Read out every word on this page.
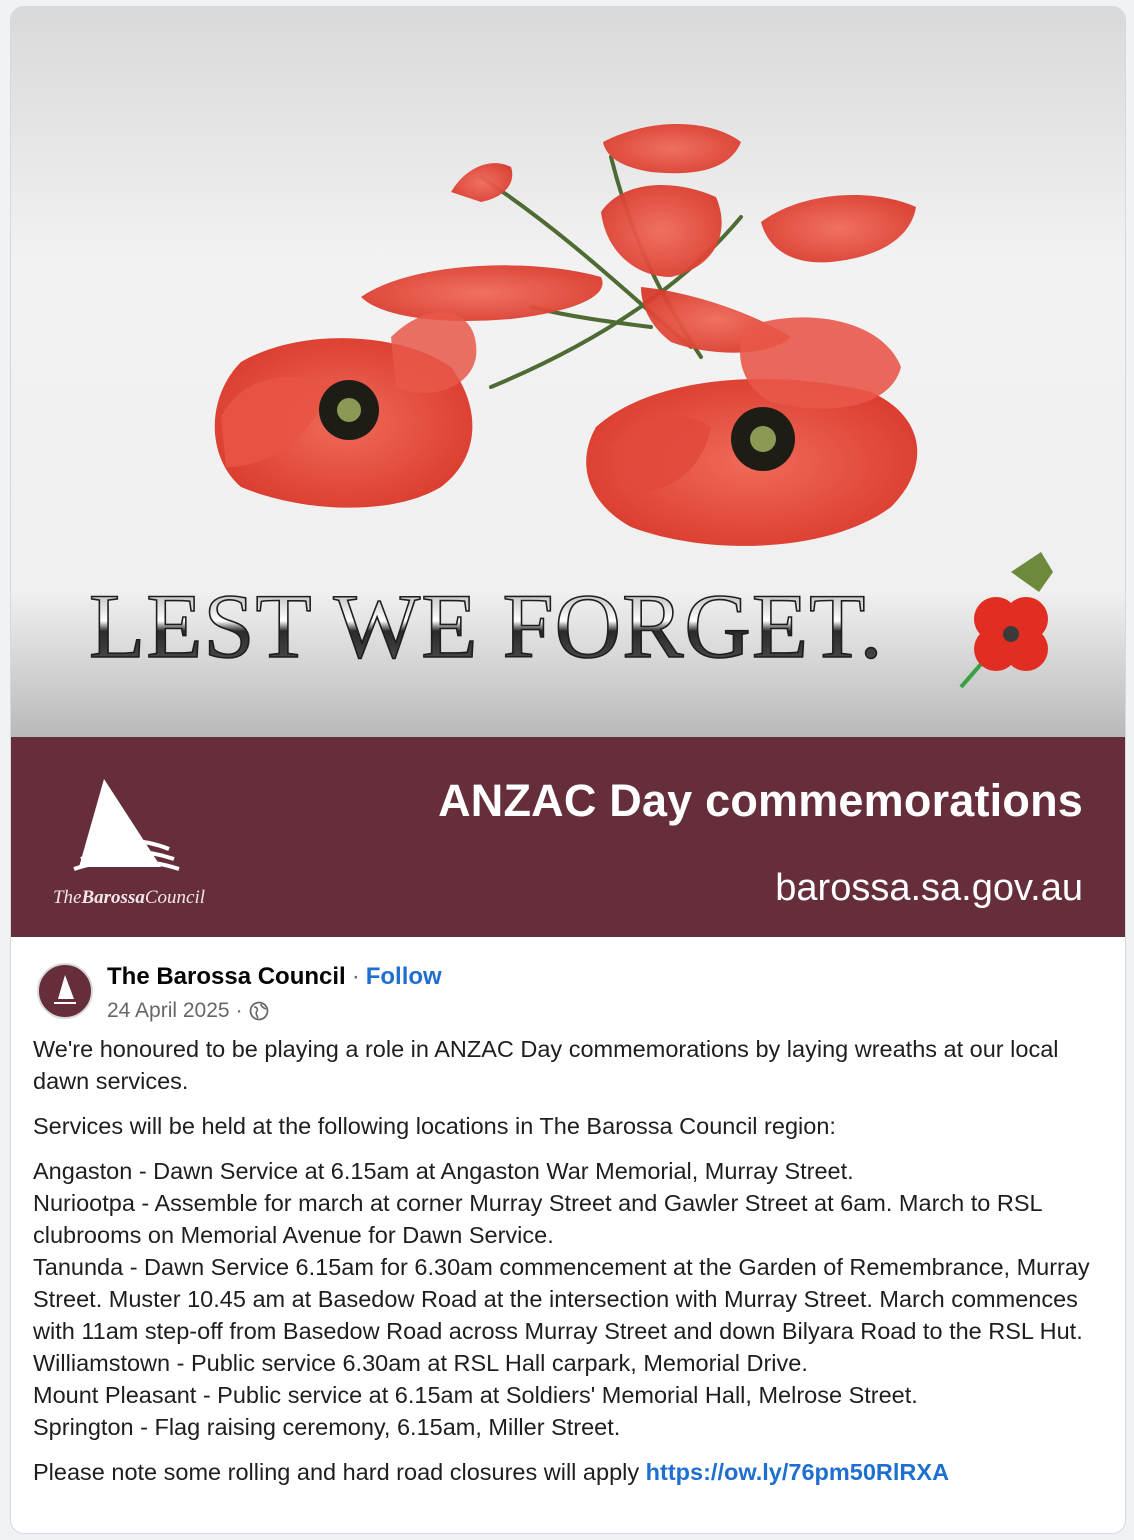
LEST WE FORGET.
TheBarossaCouncil
ANZAC Day commemorations
barossa.sa.gov.au
The Barossa Council · Follow
24 April 2025 ·

We're honoured to be playing a role in ANZAC Day commemorations by laying wreaths at our local dawn services.

Services will be held at the following locations in The Barossa Council region:

Angaston - Dawn Service at 6.15am at Angaston War Memorial, Murray Street.
Nuriootpa - Assemble for march at corner Murray Street and Gawler Street at 6am. March to RSL clubrooms on Memorial Avenue for Dawn Service.
Tanunda - Dawn Service 6.15am for 6.30am commencement at the Garden of Remembrance, Murray Street. Muster 10.45 am at Basedow Road at the intersection with Murray Street. March commences with 11am step-off from Basedow Road across Murray Street and down Bilyara Road to the RSL Hut.
Williamstown - Public service 6.30am at RSL Hall carpark, Memorial Drive.
Mount Pleasant - Public service at 6.15am at Soldiers' Memorial Hall, Melrose Street.
Springton - Flag raising ceremony, 6.15am, Miller Street.

Please note some rolling and hard road closures will apply https://ow.ly/76pm50RlRXA
